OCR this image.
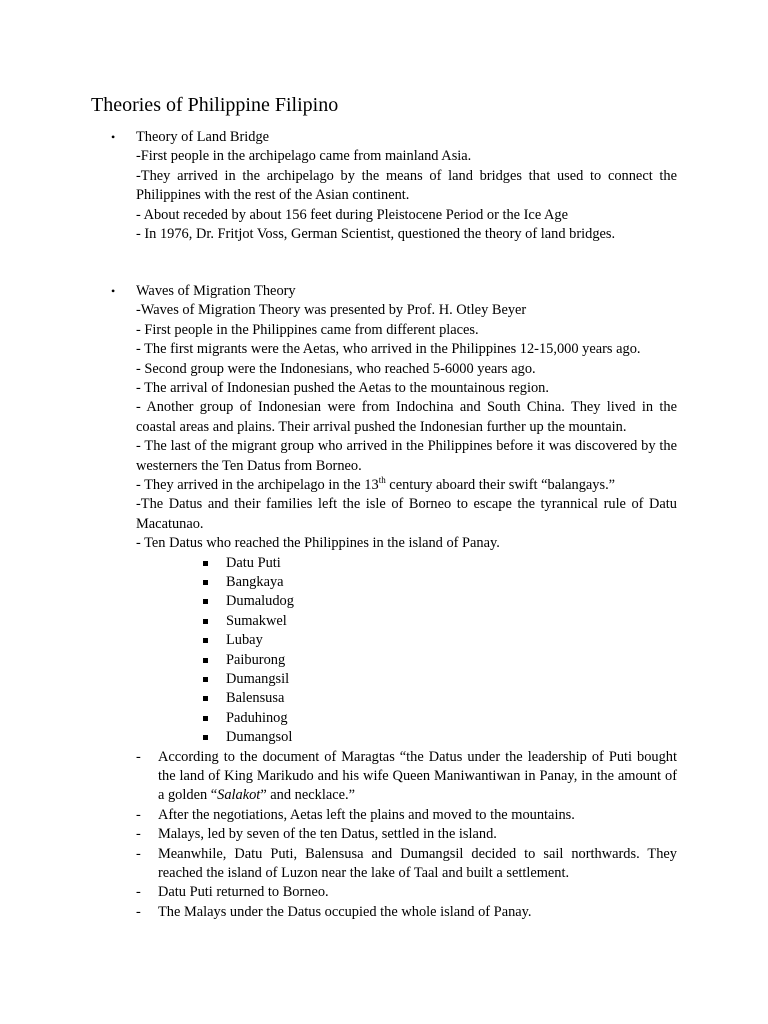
Theories of Philippine Filipino
• Theory of Land Bridge
-First people in the archipelago came from mainland Asia.
-They arrived in the archipelago by the means of land bridges that used to connect the Philippines with the rest of the Asian continent.
- About receded by about 156 feet during Pleistocene Period or the Ice Age
- In 1976, Dr. Fritjot Voss, German Scientist, questioned the theory of land bridges.
• Waves of Migration Theory
-Waves of Migration Theory was presented by Prof. H. Otley Beyer
- First people in the Philippines came from different places.
- The first migrants were the Aetas, who arrived in the Philippines 12-15,000 years ago.
- Second group were the Indonesians, who reached 5-6000 years ago.
- The arrival of Indonesian pushed the Aetas to the mountainous region.
- Another group of Indonesian were from Indochina and South China. They lived in the coastal areas and plains. Their arrival pushed the Indonesian further up the mountain.
- The last of the migrant group who arrived in the Philippines before it was discovered by the westerners the Ten Datus from Borneo.
- They arrived in the archipelago in the 13th century aboard their swift “balangays.”
-The Datus and their families left the isle of Borneo to escape the tyrannical rule of Datu Macatunao.
- Ten Datus who reached the Philippines in the island of Panay.
Datu Puti
Bangkaya
Dumaludog
Sumakwel
Lubay
Paiburong
Dumangsil
Balensusa
Paduhinog
Dumangsol
- According to the document of Maragtas “the Datus under the leadership of Puti bought the land of King Marikudo and his wife Queen Maniwantiwan in Panay, in the amount of a golden “Salakot” and necklace.”
- After the negotiations, Aetas left the plains and moved to the mountains.
- Malays, led by seven of the ten Datus, settled in the island.
- Meanwhile, Datu Puti, Balensusa and Dumangsil decided to sail northwards. They reached the island of Luzon near the lake of Taal and built a settlement.
- Datu Puti returned to Borneo.
- The Malays under the Datus occupied the whole island of Panay.
